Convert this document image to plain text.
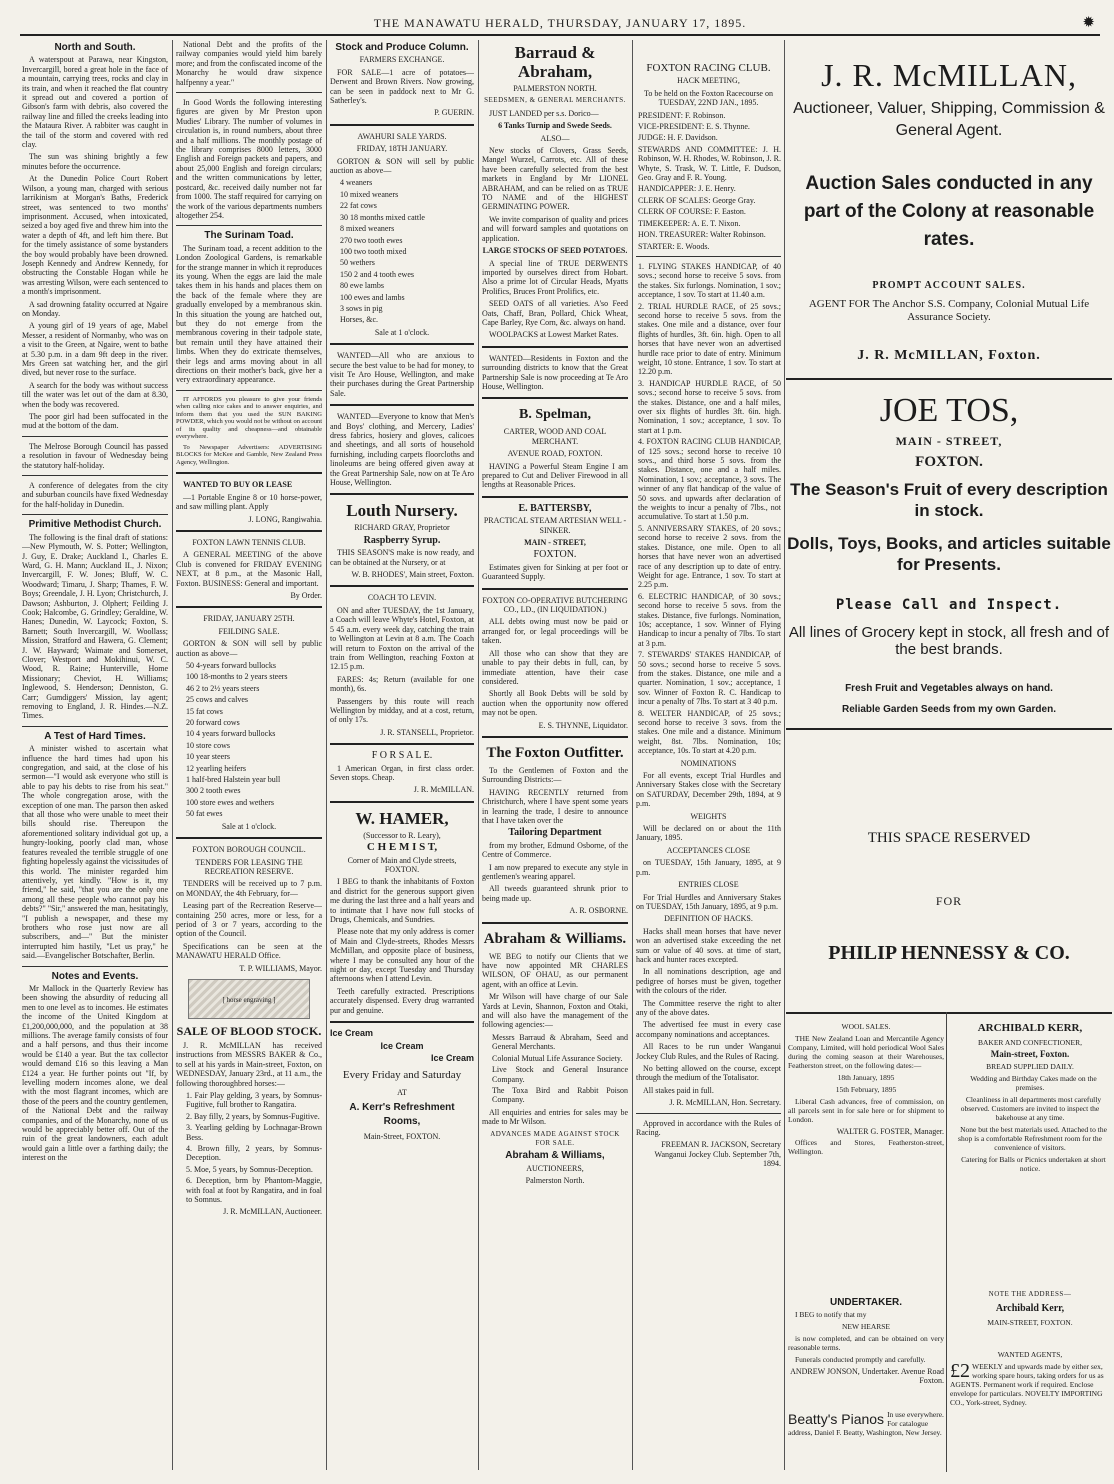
THE MANAWATU HERALD, THURSDAY, JANUARY 17, 1895.	✹
North and South.

A waterspout at Parawa, near Kingston, Invercargill, bored a great hole in the face of a mountain, carrying trees, rocks and clay in its train, and when it reached the flat country it spread out and covered a portion of Gibson's farm with debris, also covered the railway line and filled the creeks leading into the Mataura River. A rabbiter was caught in the tail of the storm and covered with red clay.

The sun was shining brightly a few minutes before the occurrence.

At the Dunedin Police Court Robert Wilson, a young man, charged with serious larrikinism at Morgan's Baths, Frederick street, was sentenced to two months' imprisonment. Accused, when intoxicated, seized a boy aged five and threw him into the water a depth of 4ft, and left him there. But for the timely assistance of some bystanders the boy would probably have been drowned. Joseph Kennedy and Andrew Kennedy, for obstructing the Constable Hogan while he was arresting Wilson, were each sentenced to a month's imprisonment.

A sad drowning fatality occurred at Ngaire on Monday.

A young girl of 19 years of age, Mabel Messer, a resident of Normanby, who was on a visit to the Green, at Ngaire, went to bathe at 5.30 p.m. in a dam 9ft deep in the river. Mrs Green sat watching her, and the girl dived, but never rose to the surface.

A search for the body was without success till the water was let out of the dam at 8.30, when the body was recovered.

The poor girl had been suffocated in the mud at the bottom of the dam.

The Melrose Borough Council has passed a resolution in favour of Wednesday being the statutory half-holiday.

A conference of delegates from the city and suburban councils have fixed Wednesday for the half-holiday in Dunedin.

Primitive Methodist Church.

The following is the final draft of stations:—New Plymouth, W. S. Potter; Wellington, J. Guy, E. Drake; Auckland I., Charles E. Ward, G. H. Mann; Auckland II., J. Nixon; Invercargill, F. W. Jones; Bluff, W. C. Woodward; Timaru, J. Sharp; Thames, F. W. Boys; Greendale, J. H. Lyon; Christchurch, J. Dawson; Ashburton, J. Olphert; Feilding J. Cook; Halcombe, G. Grindley; Geraldine, W. Hanes; Dunedin, W. Laycock; Foxton, S. Barnett; South Invercargill, W. Woollass; Mission, Stratford and Hawera, G. Clement; J. W. Hayward; Waimate and Somerset, Clover; Westport and Mokihinui, W. C. Wood, R. Raine; Hunterville, Home Missionary; Cheviot, H. Williams; Inglewood, S. Henderson; Denniston, G. Carr; Gumdiggers' Mission, lay agent; removing to England, J. R. Hindes.—N.Z. Times.

A Test of Hard Times.

A minister wished to ascertain what influence the hard times had upon his congregation, and said, at the close of his sermon—"I would ask everyone who still is able to pay his debts to rise from his seat." The whole congregation arose, with the exception of one man. The parson then asked that all those who were unable to meet their bills should rise. Thereupon the aforementioned solitary individual got up, a hungry-looking, poorly clad man, whose features revealed the terrible struggle of one fighting hopelessly against the vicissitudes of this world. The minister regarded him attentively, yet kindly. "How is it, my friend," he said, "that you are the only one among all these people who cannot pay his debts?" "Sir," answered the man, hesitatingly, "I publish a newspaper, and these my brothers who rose just now are all subscribers, and—" But the minister interrupted him hastily, "Let us pray," he said.—Evangelischer Botschafter, Berlin.

Notes and Events.

Mr Mallock in the Quarterly Review has been showing the absurdity of reducing all men to one level as to incomes. He estimates the income of the United Kingdom at £1,200,000,000, and the population at 38 millions. The average family consists of four and a half persons, and thus their income would be £140 a year. But the tax collector would demand £16 so this leaving a Man £124 a year. He further points out "If, by levelling modern incomes alone, we deal with the most flagrant incomes, which are those of the peers and the country gentlemen, of the National Debt and the railway companies, and of the Monarchy, none of us would be appreciably better off. Out of the ruin of the great landowners, each adult would gain a little over a farthing daily; the interest on the

National Debt and the profits of the railway companies would yield him barely more; and from the confiscated income of the Monarchy he would draw sixpence halfpenny a year."

In Good Words the following interesting figures are given by Mr Preston upon Mudies' Library. The number of volumes in circulation is, in round numbers, about three and a half millions. The monthly postage of the library comprises 8000 letters, 3000 English and Foreign packets and papers, and about 25,000 English and foreign circulars; and the written communications by letter, postcard, &c. received daily number not far from 1000. The staff required for carrying on the work of the various departments numbers altogether 254.

The Surinam Toad.

The Surinam toad, a recent addition to the London Zoological Gardens, is remarkable for the strange manner in which it reproduces its young. When the eggs are laid the male takes them in his hands and places them on the back of the female where they are gradually enveloped by a membranous skin. In this situation the young are hatched out, but they do not emerge from the membranous covering in their tadpole state, but remain until they have attained their limbs. When they do extricate themselves, their legs and arms moving about in all directions on their mother's back, give her a very extraordinary appearance.

IT AFFORDS you pleasure to give your friends when calling nice cakes and to answer enquiries, and inform them that you used the SUN BAKING POWDER, which you would not be without on account of its quality and cheapness—and obtainable everywhere.

To Newspaper Advertisers: ADVERTISING BLOCKS for McKee and Gamble, New Zealand Press Agency, Wellington.

WANTED TO BUY OR LEASE

—1 Portable Engine 8 or 10 horse-power, and saw milling plant. Apply

J. LONG, Rangiwahia.

FOXTON LAWN TENNIS CLUB.

A GENERAL MEETING of the above Club is convened for FRIDAY EVENING NEXT, at 8 p.m., at the Masonic Hall, Foxton. BUSINESS: General and important.

By Order.

FRIDAY, JANUARY 25TH.

FEILDING SALE.

GORTON & SON will sell by public auction as above—

50 4-years forward bullocks
100 18-months to 2 years steers
46 2 to 2½ years steers
25 cows and calves
15 fat cows
20 forward cows
10 4 years forward bullocks
10 store cows
10 year steers
12 yearling heifers
1 half-bred Halstein year bull
300 2 tooth ewes
100 store ewes and wethers
50 fat ewes

Sale at 1 o'clock.

FOXTON BOROUGH COUNCIL.

TENDERS FOR LEASING THE RECREATION RESERVE.

TENDERS will be received up to 7 p.m. on MONDAY, the 4th February, for—

Leasing part of the Recreation Reserve—containing 250 acres, more or less, for a period of 3 or 7 years, according to the option of the Council.

Specifications can be seen at the MANAWATU HERALD Office.

T. P. WILLIAMS, Mayor.

[ horse engraving ]
SALE OF BLOOD STOCK.

J. R. McMILLAN has received instructions from MESSRS BAKER & Co., to sell at his yards in Main-street, Foxton, on WEDNESDAY, January 23rd., at 11 a.m., the following thoroughbred horses:—

1. Fair Play gelding, 3 years, by Somnus-Fugitive, full brother to Rangatira.
2. Bay filly, 2 years, by Somnus-Fugitive.
3. Yearling gelding by Lochnagar-Brown Bess.
4. Brown filly, 2 years, by Somnus-Deception.
5. Moe, 5 years, by Somnus-Deception.
6. Deception, brm by Phantom-Maggie, with foal at foot by Rangatira, and in foal to Somnus.

J. R. McMILLAN, Auctioneer.

Stock and Produce Column.

FARMERS EXCHANGE.

FOR SALE—1 acre of potatoes—Derwent and Brown Rivers. Now growing, can be seen in paddock next to Mr G. Satherley's.

P. GUERIN.

AWAHURI SALE YARDS.

FRIDAY, 18TH JANUARY.

GORTON & SON will sell by public auction as above—

4 weaners
10 mixed weaners
22 fat cows
30 18 months mixed cattle
8 mixed weaners
270 two tooth ewes
100 two tooth mixed
50 wethers
150 2 and 4 tooth ewes
80 ewe lambs
100 ewes and lambs
3 sows in pig
Horses, &c.

Sale at 1 o'clock.

WANTED—All who are anxious to secure the best value to be had for money, to visit Te Aro House, Wellington, and make their purchases during the Great Partnership Sale.

WANTED—Everyone to know that Men's and Boys' clothing, and Mercery, Ladies' dress fabrics, hosiery and gloves, calicoes and sheetings, and all sorts of household furnishing, including carpets floorcloths and linoleums are being offered given away at the Great Partnership Sale, now on at Te Aro House, Wellington.

Louth Nursery.

RICHARD GRAY, Proprietor

Raspberry Syrup.

THIS SEASON'S make is now ready, and can be obtained at the Nursery, or at

W. B. RHODES', Main street, Foxton.

COACH TO LEVIN.

ON and after TUESDAY, the 1st January, a Coach will leave Whyte's Hotel, Foxton, at 5 45 a.m. every week day, catching the train to Wellington at Levin at 8 a.m. The Coach will return to Foxton on the arrival of the train from Wellington, reaching Foxton at 12.15 p.m.

FARES: 4s; Return (available for one month), 6s.

Passengers by this route will reach Wellington by midday, and at a cost, return, of only 17s.

J. R. STANSELL, Proprietor.

F O R S A L E.

1 American Organ, in first class order. Seven stops. Cheap.

J. R. McMILLAN.

W. HAMER,

(Successor to R. Leary),

C H E M I S T,

Corner of Main and Clyde streets, FOXTON.

I BEG to thank the inhabitants of Foxton and district for the generous support given me during the last three and a half years and to intimate that I have now full stocks of Drugs, Chemicals, and Sundries.

Please note that my only address is corner of Main and Clyde-streets, Rhodes Messrs McMillan, and opposite place of business, where I may be consulted any hour of the night or day, except Tuesday and Thursday afternoons when I attend Levin.

Teeth carefully extracted. Prescriptions accurately dispensed. Every drug warranted pur and genuine.

Ice Cream

Ice Cream

Ice Cream

Every Friday and Saturday

AT

A. Kerr's Refreshment Rooms,

Main-Street, FOXTON.

Barraud & Abraham,

PALMERSTON NORTH.

SEEDSMEN, & GENERAL MERCHANTS.

JUST LANDED per s.s. Dorico—

6 Tanks Turnip and Swede Seeds.

ALSO—

New stocks of Clovers, Grass Seeds, Mangel Wurzel, Carrots, etc. All of these have been carefully selected from the best markets in England by Mr LIONEL ABRAHAM, and can be relied on as TRUE TO NAME and of the HIGHEST GERMINATING POWER.

We invite comparison of quality and prices and will forward samples and quotations on application.

LARGE STOCKS OF SEED POTATOES.

A special line of TRUE DERWENTS imported by ourselves direct from Hobart. Also a prime lot of Circular Heads, Myatts Prolifics, Bruces Front Prolifics, etc.

SEED OATS of all varieties. A'so Feed Oats, Chaff, Bran, Pollard, Chick Wheat, Cape Barley, Rye Corn, &c. always on hand.

WOOLPACKS at Lowest Market Rates.

WANTED—Residents in Foxton and the surrounding districts to know that the Great Partnership Sale is now proceeding at Te Aro House, Wellington.

B. Spelman,

CARTER, WOOD AND COAL MERCHANT.

AVENUE ROAD, FOXTON.

HAVING a Powerful Steam Engine I am prepared to Cut and Deliver Firewood in all lengths at Reasonable Prices.

E. BATTERSBY,

PRACTICAL STEAM ARTESIAN WELL - SINKER.

MAIN - STREET,

FOXTON.

Estimates given for Sinking at per foot or Guaranteed Supply.

FOXTON CO-OPERATIVE BUTCHERING CO., LD., (IN LIQUIDATION.)

ALL debts owing must now be paid or arranged for, or legal proceedings will be taken.

All those who can show that they are unable to pay their debts in full, can, by immediate attention, have their case considered.

Shortly all Book Debts will be sold by auction when the opportunity now offered may not be open.

E. S. THYNNE, Liquidator.

The Foxton Outfitter.

To the Gentlemen of Foxton and the Surrounding Districts:—

HAVING RECENTLY returned from Christchurch, where I have spent some years in learning the trade, I desire to announce that I have taken over the

Tailoring Department

from my brother, Edmund Osborne, of the Centre of Commerce.

I am now prepared to execute any style in gentlemen's wearing apparel.

All tweeds guaranteed shrunk prior to being made up.

A. R. OSBORNE.

Abraham & Williams.

WE BEG to notify our Clients that we have now appointed MR CHARLES WILSON, OF OHAU, as our permanent agent, with an office at Levin.

Mr Wilson will have charge of our Sale Yards at Levin, Shannon, Foxton and Otaki, and will also have the management of the following agencies:—

Messrs Barraud & Abraham, Seed and General Merchants.
Colonial Mutual Life Assurance Society.
Live Stock and General Insurance Company.
The Toxa Bird and Rabbit Poison Company.

All enquiries and entries for sales may be made to Mr Wilson.

ADVANCES MADE AGAINST STOCK FOR SALE.

Abraham & Williams,

AUCTIONEERS,

Palmerston North.

FOXTON RACING CLUB.

HACK MEETING,

To be held on the Foxton Racecourse on TUESDAY, 22ND JAN., 1895.

PRESIDENT: F. Robinson.
VICE-PRESIDENT: E. S. Thynne.
JUDGE: H. F. Davidson.
STEWARDS AND COMMITTEE: J. H. Robinson, W. H. Rhodes, W. Robinson, J. R. Whyte, S. Trask, W. T. Little, F. Dudson, Geo. Gray and F. R. Young.
HANDICAPPER: J. E. Henry.
CLERK OF SCALES: George Gray.
CLERK OF COURSE: F. Easton.
TIMEKEEPER: A. E. T. Nixon.
HON. TREASURER: Walter Robinson.
STARTER: E. Woods.
1. FLYING STAKES HANDICAP, of 40 sovs.; second horse to receive 5 sovs. from the stakes. Six furlongs. Nomination, 1 sov.; acceptance, 1 sov. To start at 11.40 a.m.
2. TRIAL HURDLE RACE, of 25 sovs.; second horse to receive 5 sovs. from the stakes. One mile and a distance, over four flights of hurdles, 3ft. 6in. high. Open to all horses that have never won an advertised hurdle race prior to date of entry. Minimum weight, 10 stone. Entrance, 1 sov. To start at 12.20 p.m.
3. HANDICAP HURDLE RACE, of 50 sovs.; second horse to receive 5 sovs. from the stakes. Distance, one and a half miles, over six flights of hurdles 3ft. 6in. high. Nomination, 1 sov.; acceptance, 1 sov. To start at 1 p.m.
4. FOXTON RACING CLUB HANDICAP, of 125 sovs.; second horse to receive 10 sovs., and third horse 5 sovs. from the stakes. Distance, one and a half miles. Nomination, 1 sov.; acceptance, 3 sovs. The winner of any flat handicap of the value of 50 sovs. and upwards after declaration of the weights to incur a penalty of 7lbs., not accumulative. To start at 1.50 p.m.
5. ANNIVERSARY STAKES, of 20 sovs.; second horse to receive 2 sovs. from the stakes. Distance, one mile. Open to all horses that have never won an advertised race of any description up to date of entry. Weight for age. Entrance, 1 sov. To start at 2.25 p.m.
6. ELECTRIC HANDICAP, of 30 sovs.; second horse to receive 5 sovs. from the stakes. Distance, five furlongs. Nomination, 10s; acceptance, 1 sov. Winner of Flying Handicap to incur a penalty of 7lbs. To start at 3 p.m.
7. STEWARDS' STAKES HANDICAP, of 50 sovs.; second horse to receive 5 sovs. from the stakes. Distance, one mile and a quarter. Nomination, 1 sov.; acceptance, 1 sov. Winner of Foxton R. C. Handicap to incur a penalty of 7lbs. To start at 3 40 p.m.
8. WELTER HANDICAP, of 25 sovs.; second horse to receive 3 sovs. from the stakes. One mile and a distance. Minimum weight, 8st. 7lbs. Nomination, 10s; acceptance, 10s. To start at 4.20 p.m.

NOMINATIONS

For all events, except Trial Hurdles and Anniversary Stakes close with the Secretary on SATURDAY, December 29th, 1894, at 9 p.m.

WEIGHTS

Will be declared on or about the 11th January, 1895.

ACCEPTANCES CLOSE

on TUESDAY, 15th January, 1895, at 9 p.m.

ENTRIES CLOSE

For Trial Hurdles and Anniversary Stakes on TUESDAY, 15th January, 1895, at 9 p.m.

DEFINITION OF HACKS.

Hacks shall mean horses that have never won an advertised stake exceeding the net sum or value of 40 sovs. at time of start, hack and hunter races excepted.

In all nominations description, age and pedigree of horses must be given, together with the colours of the rider.

The Committee reserve the right to alter any of the above dates.

The advertised fee must in every case accompany nominations and acceptances.

All Races to be run under Wanganui Jockey Club Rules, and the Rules of Racing.

No betting allowed on the course, except through the medium of the Totalisator.

All stakes paid in full.

J. R. McMILLAN, Hon. Secretary.

Approved in accordance with the Rules of Racing.

FREEMAN R. JACKSON, Secretary Wanganui Jockey Club. September 7th, 1894.

J. R. McMILLAN,
Auctioneer, Valuer, Shipping, Commission & General Agent.
Auction Sales conducted in any part of the Colony at reasonable rates.
PROMPT ACCOUNT SALES.
AGENT FOR The Anchor S.S. Company, Colonial Mutual Life Assurance Society.
J. R. McMILLAN, Foxton.
JOE TOS,
MAIN - STREET,
FOXTON.
The Season's Fruit of every description in stock.
Dolls, Toys, Books, and articles suitable for Presents.
Please Call and Inspect.
All lines of Grocery kept in stock, all fresh and of the best brands.
Fresh Fruit and Vegetables always on hand.
Reliable Garden Seeds from my own Garden.
THIS SPACE RESERVED
FOR
PHILIP HENNESSY & CO.

WOOL SALES.

THE New Zealand Loan and Mercantile Agency Company, Limited, will hold periodical Wool Sales during the coming season at their Warehouses, Featherston street, on the following dates:—

18th January, 1895

15th February, 1895

Liberal Cash advances, free of commission, on all parcels sent in for sale here or for shipment to London.

WALTER G. FOSTER, Manager.

Offices and Stores, Featherston-street, Wellington.

ARCHIBALD KERR,

BAKER AND CONFECTIONER,

Main-street, Foxton.

BREAD SUPPLIED DAILY.

Wedding and Birthday Cakes made on the premises.

Cleanliness in all departments most carefully observed. Customers are invited to inspect the bakehouse at any time.

None but the best materials used. Attached to the shop is a comfortable Refreshment room for the convenience of visitors.

Catering for Balls or Picnics undertaken at short notice.

UNDERTAKER.

I BEG to notify that my

NEW HEARSE

is now completed, and can be obtained on very reasonable terms.

Funerals conducted promptly and carefully.

ANDREW JONSON, Undertaker. Avenue Road Foxton.

NOTE THE ADDRESS—

Archibald Kerr,

MAIN-STREET, FOXTON.

WANTED AGENTS,

£2 WEEKLY and upwards made by either sex, working spare hours, taking orders for us as AGENTS. Permanent work if required. Enclose envelope for particulars. NOVELTY IMPORTING CO., York-street, Sydney.

Beatty's Pianos In use everywhere. For catalogue address, Daniel F. Beatty, Washington, New Jersey.
